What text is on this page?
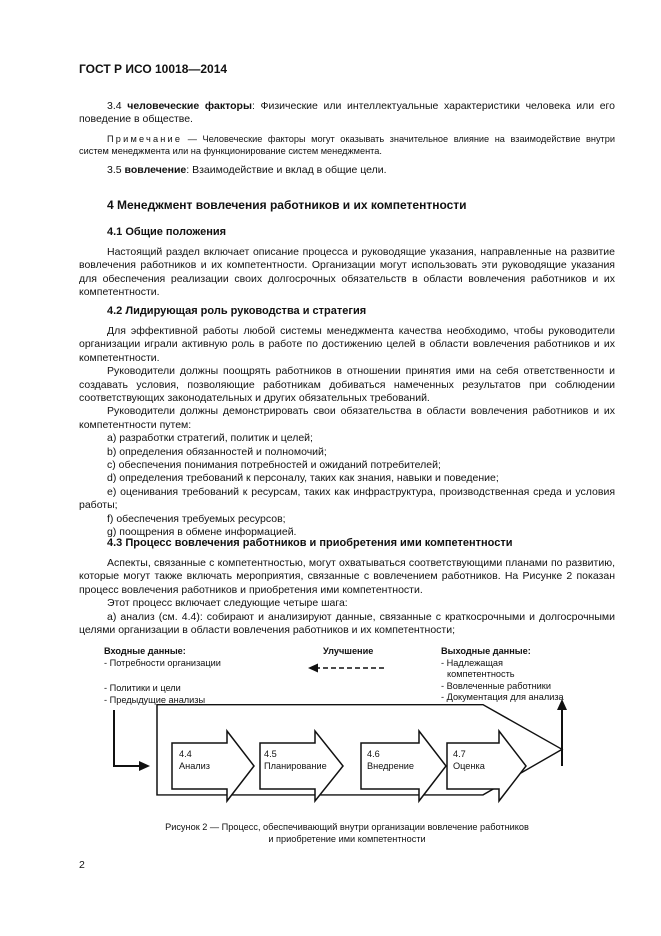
ГОСТ Р ИСО 10018—2014
3.4 человеческие факторы: Физические или интеллектуальные характеристики человека или его поведение в обществе.
Примечание — Человеческие факторы могут оказывать значительное влияние на взаимодействие внутри систем менеджмента или на функционирование систем менеджмента.
3.5 вовлечение: Взаимодействие и вклад в общие цели.
4 Менеджмент вовлечения работников и их компетентности
4.1 Общие положения

Настоящий раздел включает описание процесса и руководящие указания, направленные на развитие вовлечения работников и их компетентности. Организации могут использовать эти руководящие указания для обеспечения реализации своих долгосрочных обязательств в области вовлечения работников и их компетентности.

4.2 Лидирующая роль руководства и стратегия

Для эффективной работы любой системы менеджмента качества необходимо, чтобы руководители организации играли активную роль в работе по достижению целей в области вовлечения работников и их компетентности.

Руководители должны поощрять работников в отношении принятия ими на себя ответственности и создавать условия, позволяющие работникам добиваться намеченных результатов при соблюдении соответствующих законодательных и других обязательных требований.

Руководители должны демонстрировать свои обязательства в области вовлечения работников и их компетентности путем:

а) разработки стратегий, политик и целей;
b) определения обязанностей и полномочий;
с) обеспечения понимания потребностей и ожиданий потребителей;
d) определения требований к персоналу, таких как знания, навыки и поведение;
е) оценивания требований к ресурсам, таких как инфраструктура, производственная среда и условия работы;
f) обеспечения требуемых ресурсов;
g) поощрения в обмене информацией.
4.3 Процесс вовлечения работников и приобретения ими компетентности

Аспекты, связанные с компетентностью, могут охватываться соответствующими планами по развитию, которые могут также включать мероприятия, связанные с вовлечением работников. На Рисунке 2 показан процесс вовлечения работников и приобретения ими компетентности.

Этот процесс включает следующие четыре шага:

а) анализ (см. 4.4): собирают и анализируют данные, связанные с краткосрочными и долгосрочными целями организации в области вовлечения работников и их компетентности;

Входные данные:
- Потребности организации
- Политики и цели
- Предыдущие анализы
Улучшение	Выходные данные:
- Надлежащая
компетентность
- Вовлеченные работники
- Документация для анализа
4.4
Анализ
4.5
Планирование
4.6
Внедрение
4.7
Оценка
Рисунок 2 — Процесс, обеспечивающий внутри организации вовлечение работников
и приобретение ими компетентности
2
